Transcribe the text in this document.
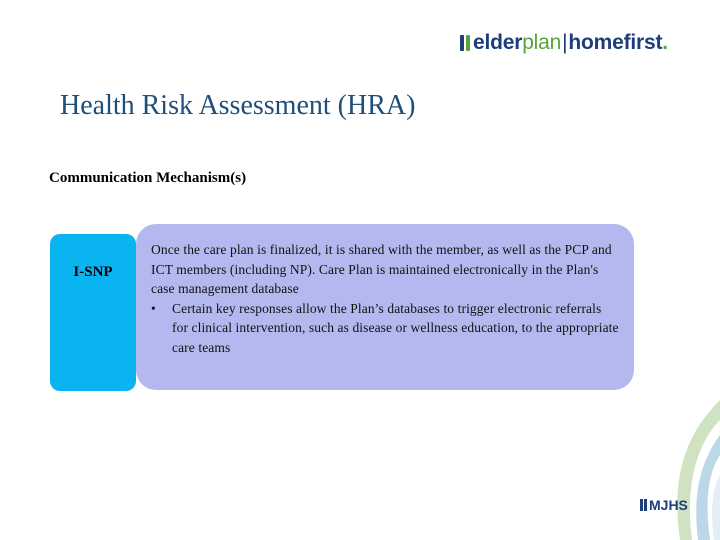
elder plan | homefirst .
Health Risk Assessment (HRA)
Communication Mechanism(s)
I-SNP

Once the care plan is finalized, it is shared with the member, as well as the PCP and ICT members (including NP). Care Plan is maintained electronically in the Plan's case management database

•	Certain key responses allow the Plan’s databases to trigger electronic referrals for clinical intervention, such as disease or wellness education, to the appropriate care teams
MJHS
